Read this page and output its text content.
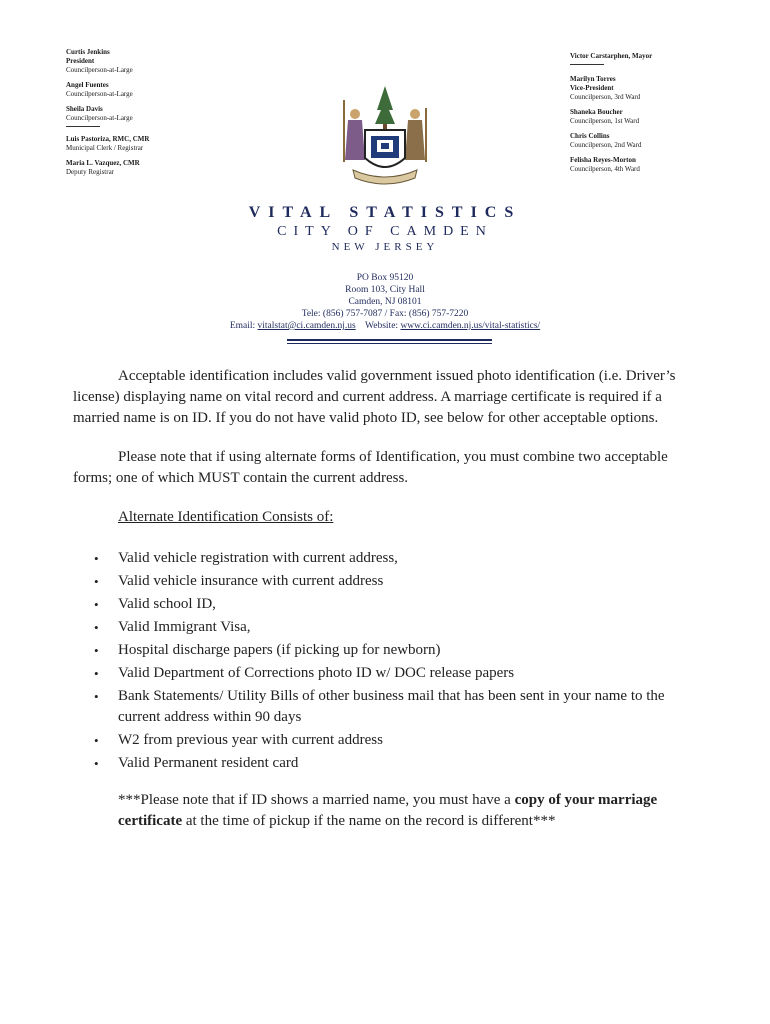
Curtis Jenkins
President
Councilperson-at-Large
Angel Fuentes
Councilperson-at-Large
Sheila Davis
Councilperson-at-Large
Luis Pastoriza, RMC, CMR
Municipal Clerk / Registrar
Maria L. Vazquez, CMR
Deputy Registrar
Victor Carstarphen, Mayor
Marilyn Torres
Vice-President
Councilperson, 3rd Ward
Shaneka Boucher
Councilperson, 1st Ward
Chris Collins
Councilperson, 2nd Ward
Felisha Reyes-Morton
Councilperson, 4th Ward
VITAL STATISTICS
CITY OF CAMDEN
NEW JERSEY
PO Box 95120
Room 103, City Hall
Camden, NJ 08101
Tele: (856) 757-7087 / Fax: (856) 757-7220
Email: vitalstat@ci.camden.nj.us Website: www.ci.camden.nj.us/vital-statistics/

Acceptable identification includes valid government issued photo identification (i.e. Driver’s license) displaying name on vital record and current address. A marriage certificate is required if a married name is on ID. If you do not have valid photo ID, see below for other acceptable options.

Please note that if using alternate forms of Identification, you must combine two acceptable forms; one of which MUST contain the current address.

Alternate Identification Consists of:
• Valid vehicle registration with current address,
• Valid vehicle insurance with current address
• Valid school ID,
• Valid Immigrant Visa,
• Hospital discharge papers (if picking up for newborn)
• Valid Department of Corrections photo ID w/ DOC release papers
• Bank Statements/ Utility Bills of other business mail that has been sent in your name to the current address within 90 days
• W2 from previous year with current address
• Valid Permanent resident card
***Please note that if ID shows a married name, you must have a copy of your marriage certificate at the time of pickup if the name on the record is different***
